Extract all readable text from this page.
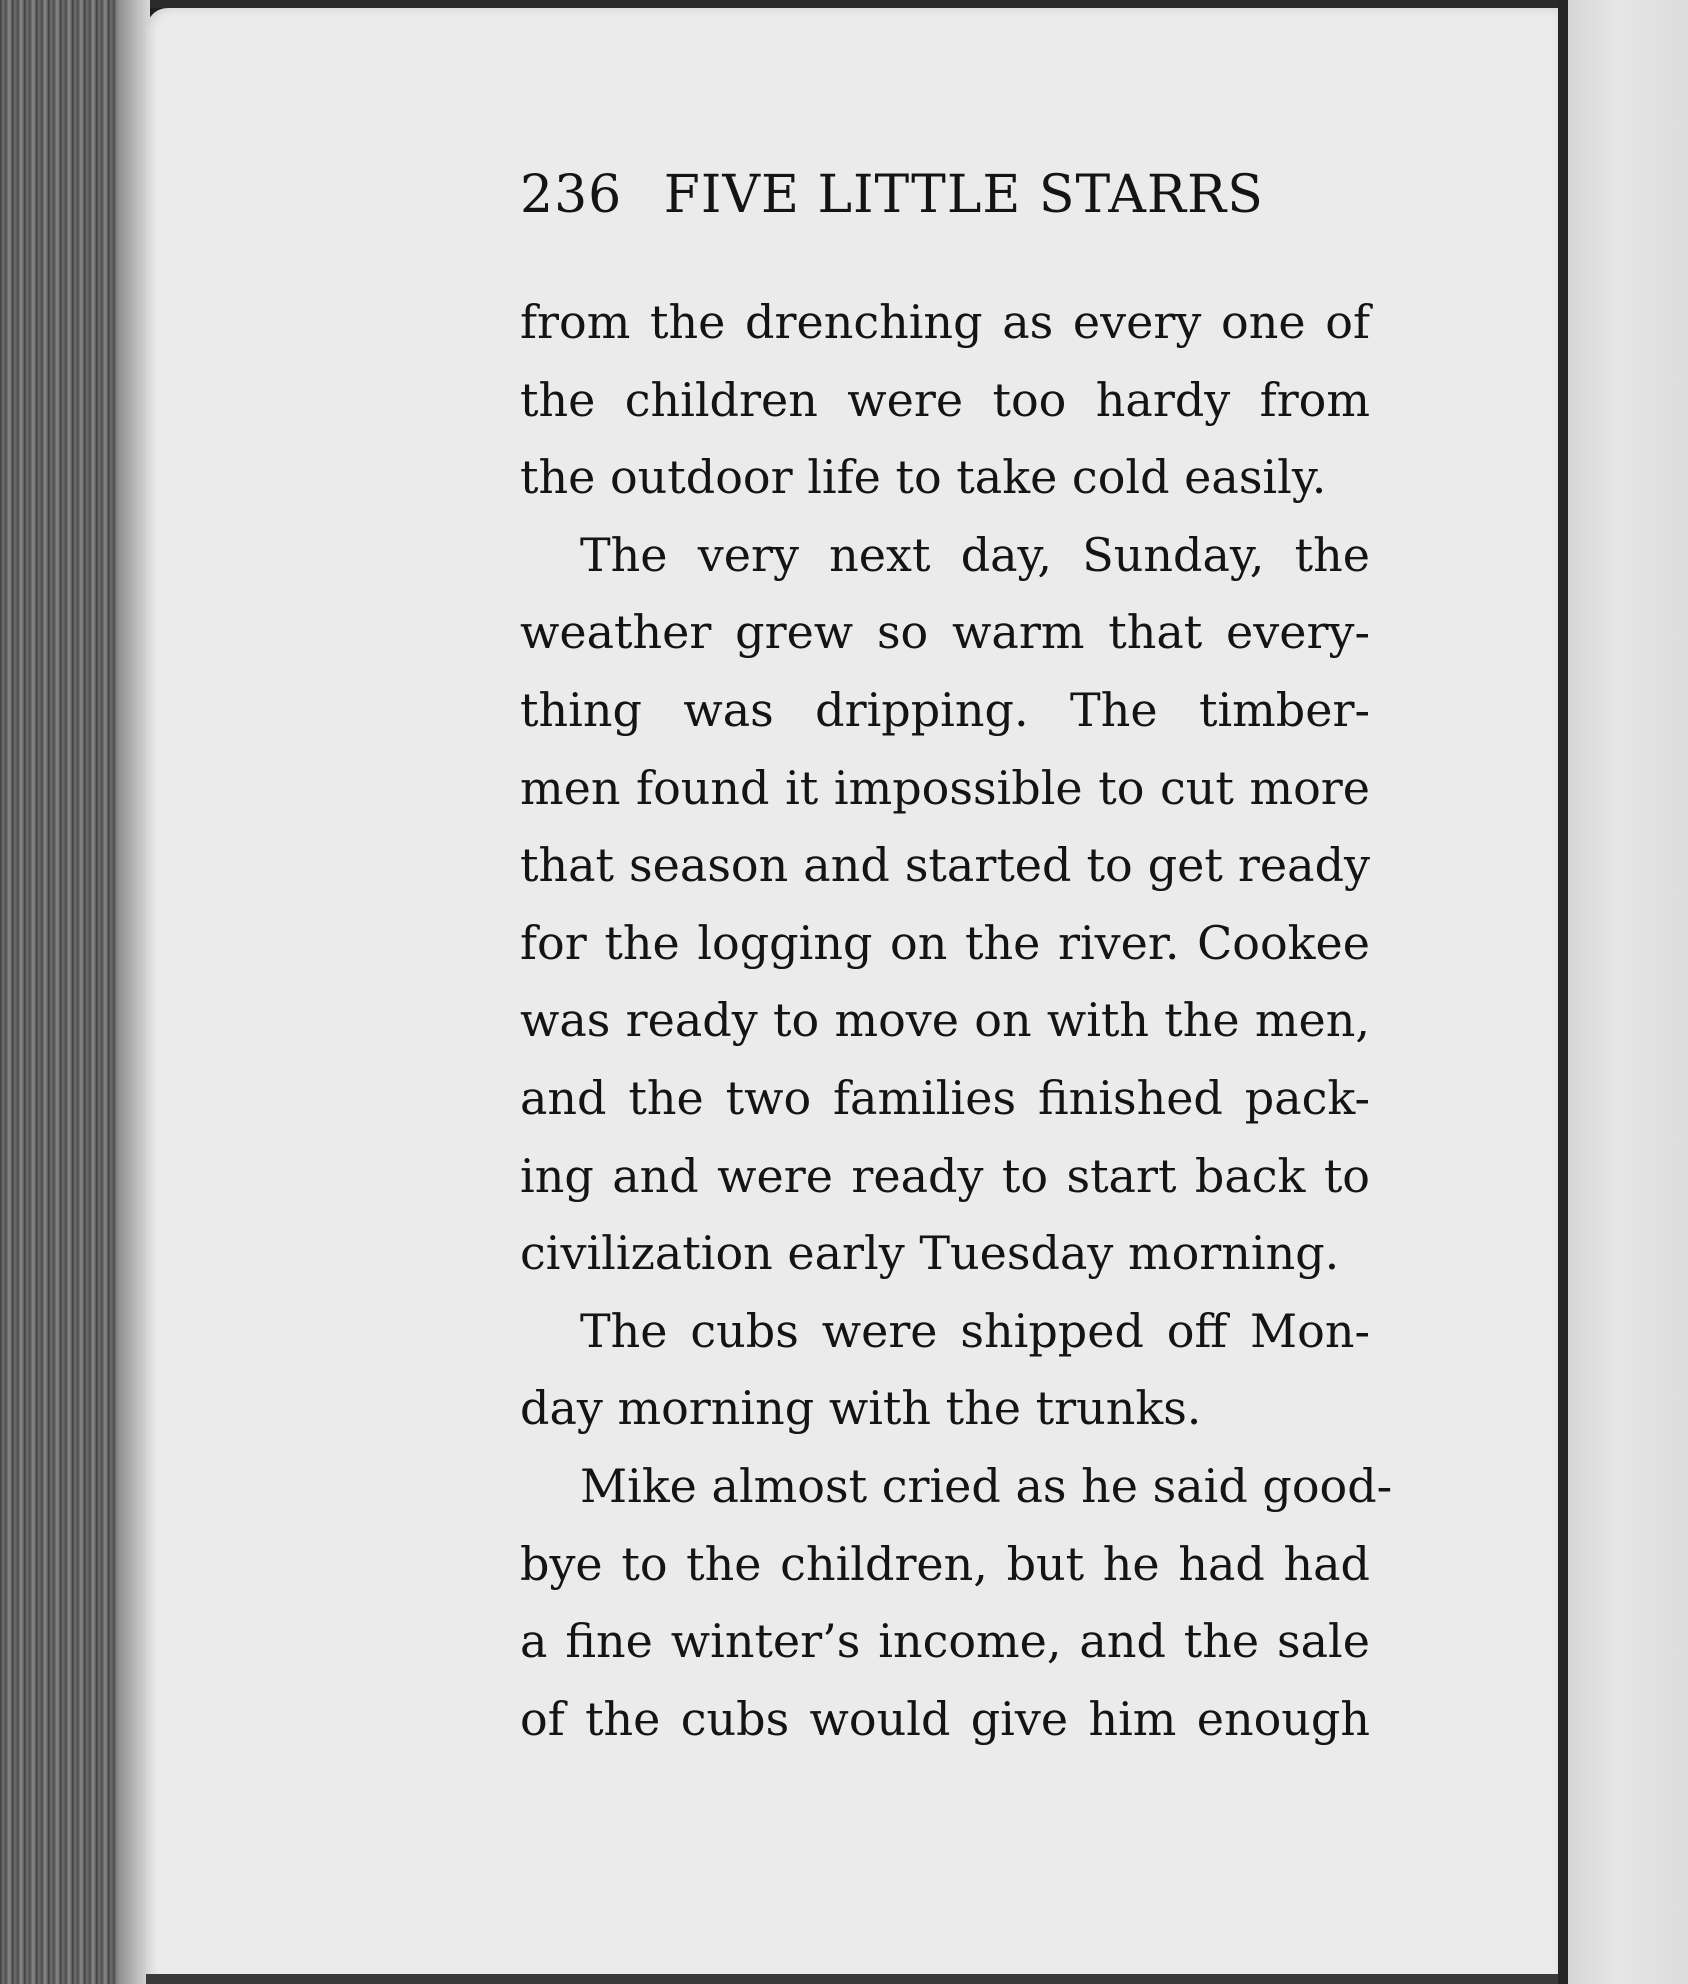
236 FIVE LITTLE STARRS
from the drenching as every one of
the children were too hardy from
the outdoor life to take cold easily.
The very next day, Sunday, the
weather grew so warm that every-
thing was dripping. The timber-
men found it impossible to cut more
that season and started to get ready
for the logging on the river. Cookee
was ready to move on with the men,
and the two families finished pack-
ing and were ready to start back to
civilization early Tuesday morning.
The cubs were shipped off Mon-
day morning with the trunks.
Mike almost cried as he said good-
bye to the children, but he had had
a fine winter’s income, and the sale
of the cubs would give him enough
